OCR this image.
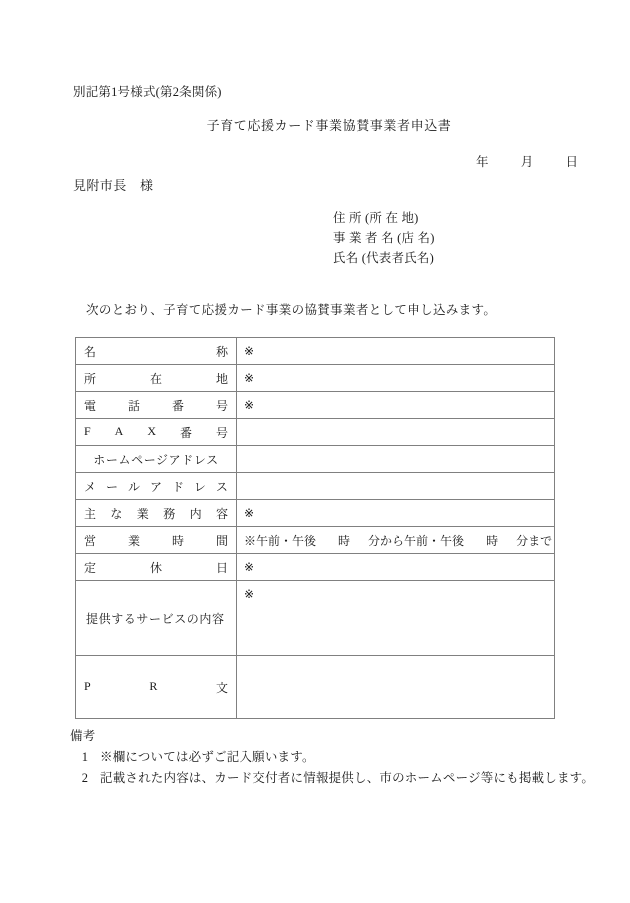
別記第1号様式(第2条関係)
子育て応援カード事業協賛事業者申込書
年	月	日
見附市長　様
住 所 (所 在 地)
事 業 者 名 (店 名)
氏名 (代表者氏名)
次のとおり、子育て応援カード事業の協賛事業者として申し込みます。
名 称	※

所 在 地	※

電 話 番 号	※

F A X 番 号	

ホームページアドレス	

メ ー ル ア ド レ ス

主 な 業 務 内 容	※

営 業 時 間	※午前・午後 時 分から午前・午後 時 分まで

定 休 日	※

提供するサービスの内容	※

P R 文	

備考
1 ※欄については必ずご記入願います。
2 記載された内容は、カード交付者に情報提供し、市のホームページ等にも掲載します。
